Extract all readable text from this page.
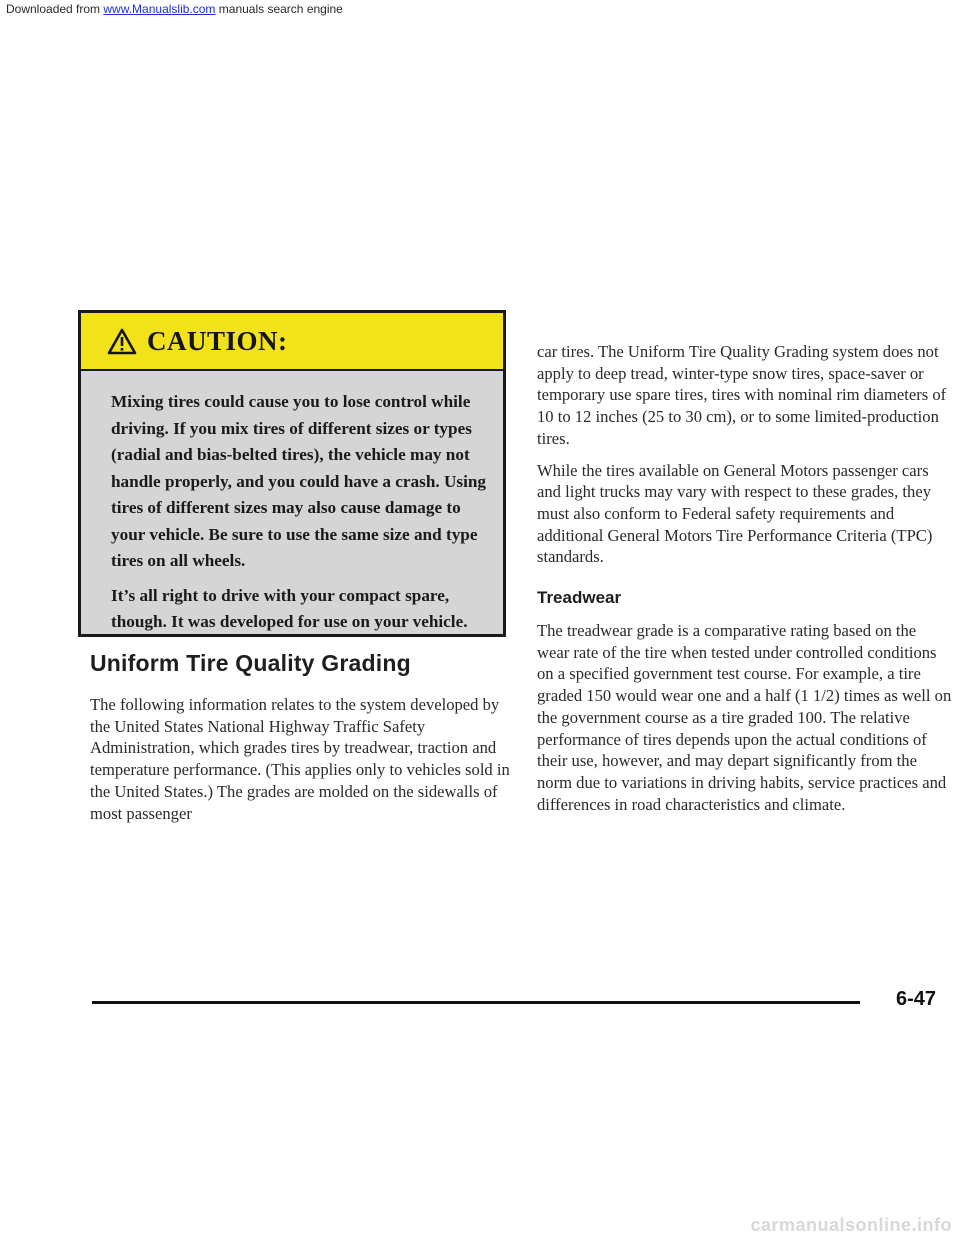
Downloaded from www.Manualslib.com manuals search engine
CAUTION:

Mixing tires could cause you to lose control while driving. If you mix tires of different sizes or types (radial and bias-belted tires), the vehicle may not handle properly, and you could have a crash. Using tires of different sizes may also cause damage to your vehicle. Be sure to use the same size and type tires on all wheels.

It’s all right to drive with your compact spare, though. It was developed for use on your vehicle.

Uniform Tire Quality Grading

The following information relates to the system developed by the United States National Highway Traffic Safety Administration, which grades tires by treadwear, traction and temperature performance. (This applies only to vehicles sold in the United States.) The grades are molded on the sidewalls of most passenger

car tires. The Uniform Tire Quality Grading system does not apply to deep tread, winter-type snow tires, space-saver or temporary use spare tires, tires with nominal rim diameters of 10 to 12 inches (25 to 30 cm), or to some limited-production tires.

While the tires available on General Motors passenger cars and light trucks may vary with respect to these grades, they must also conform to Federal safety requirements and additional General Motors Tire Performance Criteria (TPC) standards.

Treadwear

The treadwear grade is a comparative rating based on the wear rate of the tire when tested under controlled conditions on a specified government test course. For example, a tire graded 150 would wear one and a half (1 1/2) times as well on the government course as a tire graded 100. The relative performance of tires depends upon the actual conditions of their use, however, and may depart significantly from the norm due to variations in driving habits, service practices and differences in road characteristics and climate.

6-47
carmanualsonline.info
